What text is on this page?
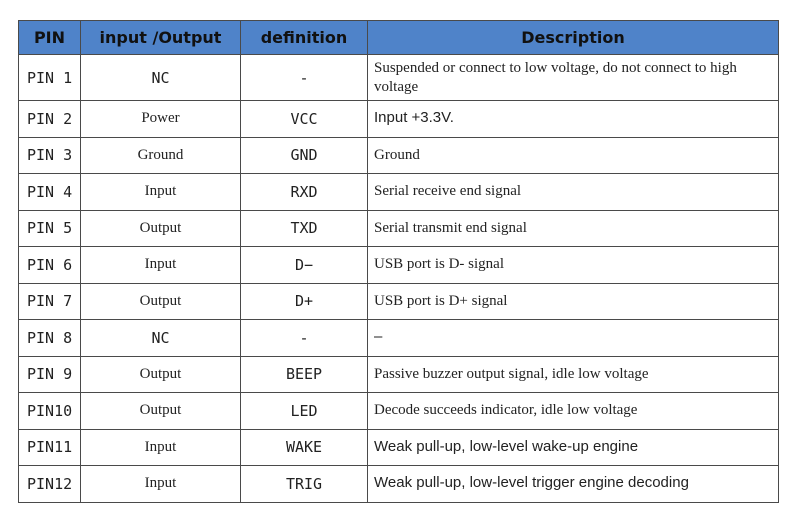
PIN	input /Output	definition	Description
PIN 1	NC	-	Suspended or connect to low voltage, do not connect to high voltage
PIN 2	Power	VCC	Input +3.3V.
PIN 3	Ground	GND	Ground
PIN 4	Input	RXD	Serial receive end signal
PIN 5	Output	TXD	Serial transmit end signal
PIN 6	Input	D−	USB port is D- signal
PIN 7	Output	D+	USB port is D+ signal
PIN 8	NC	-	–
PIN 9	Output	BEEP	Passive buzzer output signal, idle low voltage
PIN10	Output	LED	Decode succeeds indicator, idle low voltage
PIN11	Input	WAKE	Weak pull-up, low-level wake-up engine
PIN12	Input	TRIG	Weak pull-up, low-level trigger engine decoding
